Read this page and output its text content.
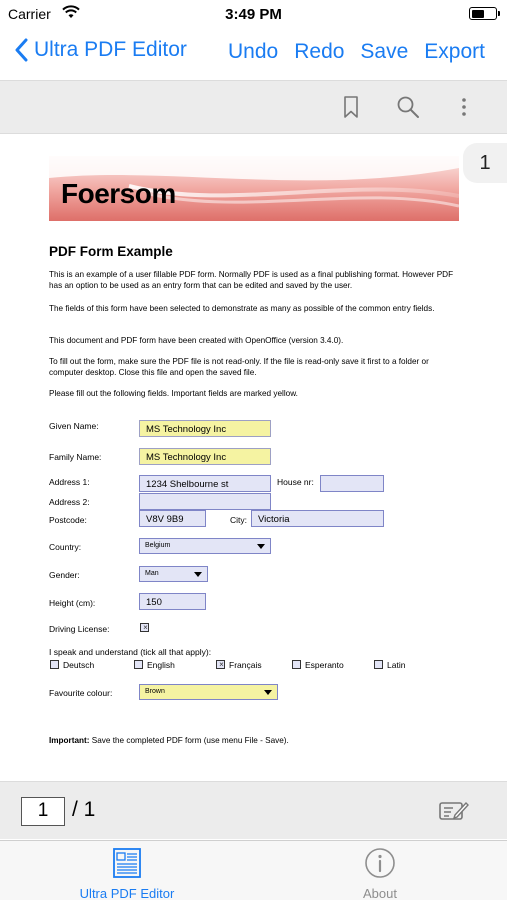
Carrier	3:49 PM
Ultra PDF Editor Undo Redo Save Export
Foersom
PDF Form Example
This is an example of a user fillable PDF form. Normally PDF is used as a final publishing format. However PDF has an option to be used as an entry form that can be edited and saved by the user.
The fields of this form have been selected to demonstrate as many as possible of the common entry fields.
This document and PDF form have been created with OpenOffice (version 3.4.0).
To fill out the form, make sure the PDF file is not read-only. If the file is read-only save it first to a folder or computer desktop. Close this file and open the saved file.
Please fill out the following fields. Important fields are marked yellow.
Given Name:	MS Technology Inc
Family Name:	MS Technology Inc
Address 1:	1234 Shelbourne st	House nr:
Address 2:
Postcode:	V8V 9B9	City:	Victoria
Country:	Belgium
Gender:	Man
Height (cm):	150
Driving License:	×
I speak and understand (tick all that apply):
Deutsch	English	× Français	Esperanto	Latin
Favourite colour:	Brown
Important: Save the completed PDF form (use menu File - Save).
1
1	/ 1
Ultra PDF Editor	About
